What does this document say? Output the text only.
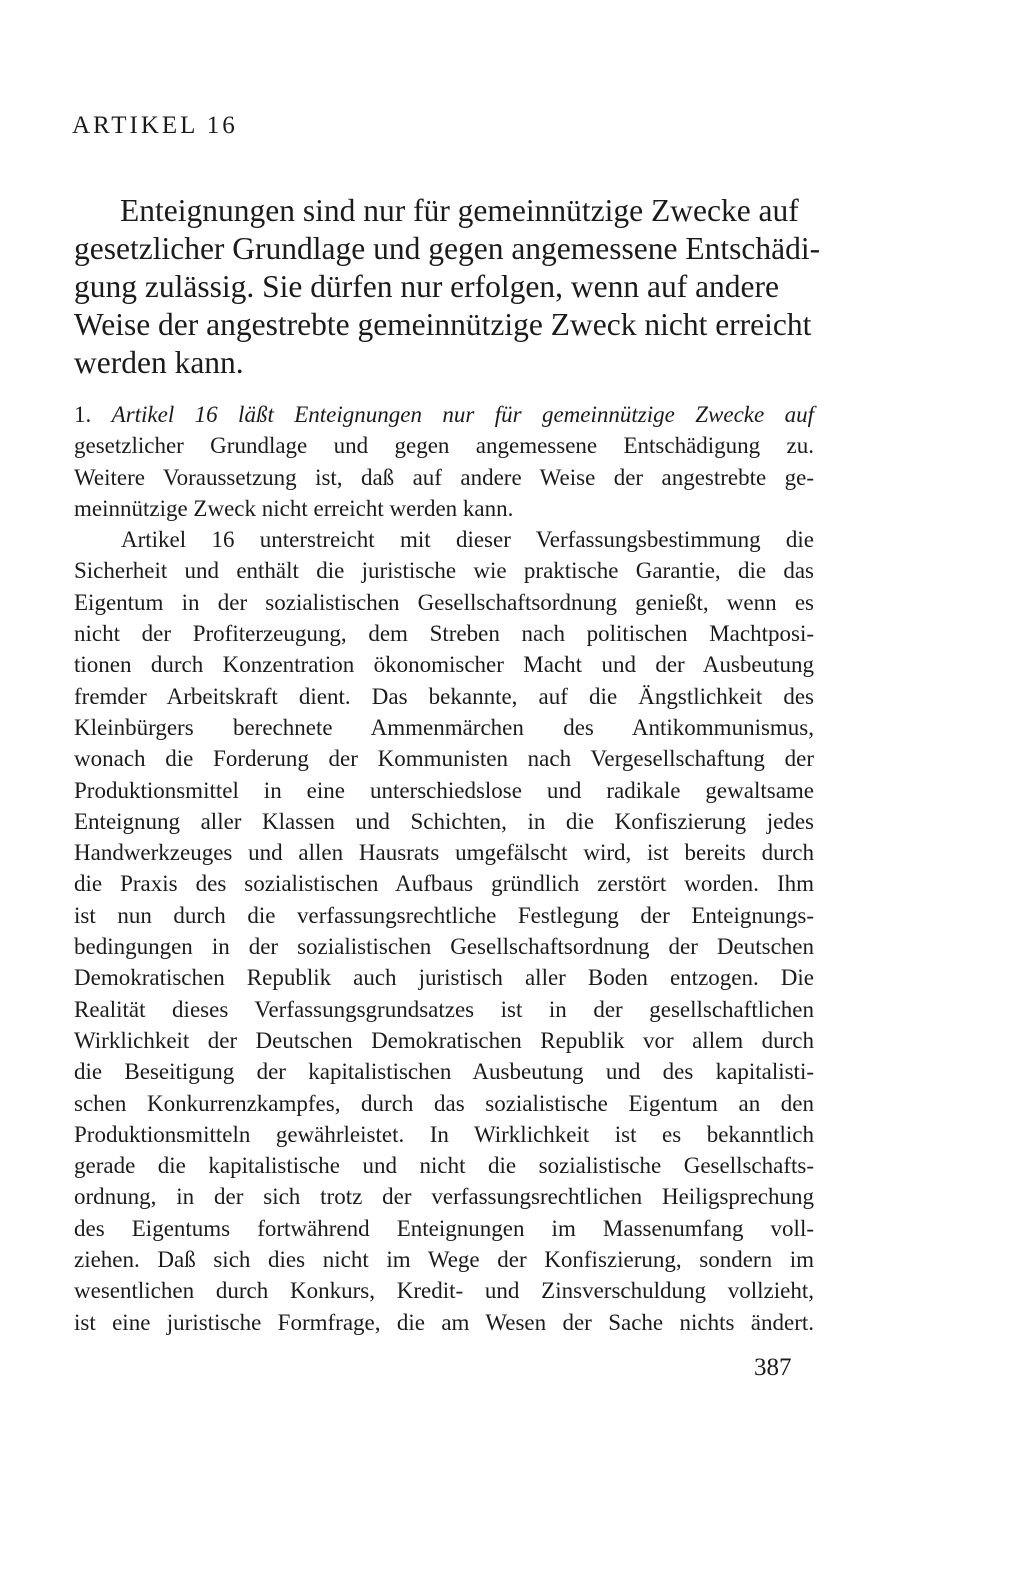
ARTIKEL 16
Enteignungen sind nur für gemeinnützige Zwecke auf
gesetzlicher Grundlage und gegen angemessene Entschädi-
gung zulässig. Sie dürfen nur erfolgen, wenn auf andere
Weise der angestrebte gemeinnützige Zweck nicht erreicht
werden kann.
1. Artikel 16 läßt Enteignungen nur für gemeinnützige Zwecke auf
gesetzlicher Grundlage und gegen angemessene Entschädigung zu.
Weitere Voraussetzung ist, daß auf andere Weise der angestrebte ge-
meinnützige Zweck nicht erreicht werden kann.
Artikel 16 unterstreicht mit dieser Verfassungsbestimmung die
Sicherheit und enthält die juristische wie praktische Garantie, die das
Eigentum in der sozialistischen Gesellschaftsordnung genießt, wenn es
nicht der Profiterzeugung, dem Streben nach politischen Machtposi-
tionen durch Konzentration ökonomischer Macht und der Ausbeutung
fremder Arbeitskraft dient. Das bekannte, auf die Ängstlichkeit des
Kleinbürgers berechnete Ammenmärchen des Antikommunismus,
wonach die Forderung der Kommunisten nach Vergesellschaftung der
Produktionsmittel in eine unterschiedslose und radikale gewaltsame
Enteignung aller Klassen und Schichten, in die Konfiszierung jedes
Handwerkzeuges und allen Hausrats umgefälscht wird, ist bereits durch
die Praxis des sozialistischen Aufbaus gründlich zerstört worden. Ihm
ist nun durch die verfassungsrechtliche Festlegung der Enteignungs-
bedingungen in der sozialistischen Gesellschaftsordnung der Deutschen
Demokratischen Republik auch juristisch aller Boden entzogen. Die
Realität dieses Verfassungsgrundsatzes ist in der gesellschaftlichen
Wirklichkeit der Deutschen Demokratischen Republik vor allem durch
die Beseitigung der kapitalistischen Ausbeutung und des kapitalisti-
schen Konkurrenzkampfes, durch das sozialistische Eigentum an den
Produktionsmitteln gewährleistet. In Wirklichkeit ist es bekanntlich
gerade die kapitalistische und nicht die sozialistische Gesellschafts-
ordnung, in der sich trotz der verfassungsrechtlichen Heiligsprechung
des Eigentums fortwährend Enteignungen im Massenumfang voll-
ziehen. Daß sich dies nicht im Wege der Konfiszierung, sondern im
wesentlichen durch Konkurs, Kredit- und Zinsverschuldung vollzieht,
ist eine juristische Formfrage, die am Wesen der Sache nichts ändert.
387
